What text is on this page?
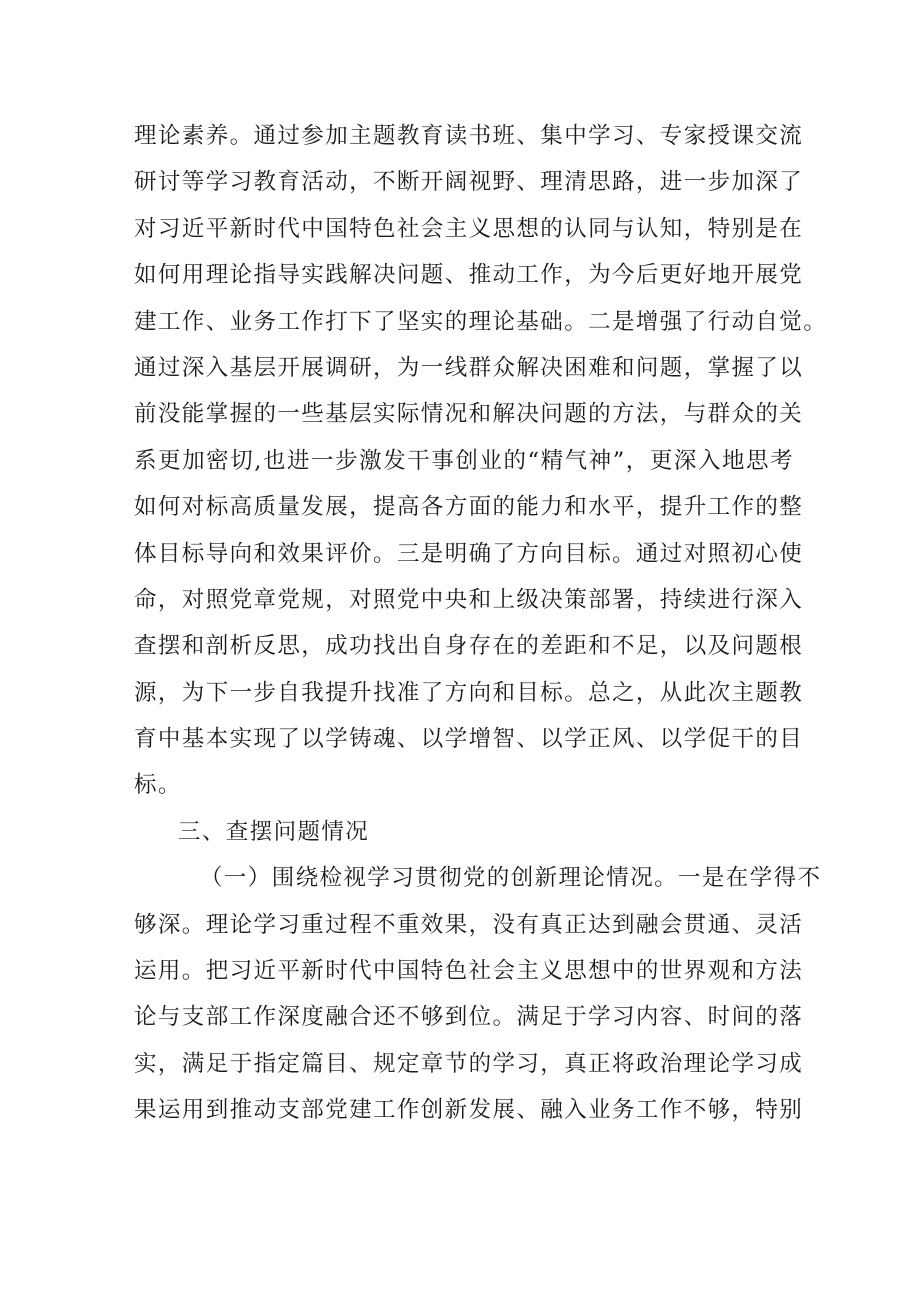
理论素养。通过参加主题教育读书班、集中学习、专家授课交流
研讨等学习教育活动，不断开阔视野、理清思路，进一步加深了
对习近平新时代中国特色社会主义思想的认同与认知，特别是在
如何用理论指导实践解决问题、推动工作，为今后更好地开展党
建工作、业务工作打下了坚实的理论基础。二是增强了行动自觉。
通过深入基层开展调研，为一线群众解决困难和问题，掌握了以
前没能掌握的一些基层实际情况和解决问题的方法，与群众的关
系更加密切,也进一步激发干事创业的“精气神”，更深入地思考
如何对标高质量发展，提高各方面的能力和水平，提升工作的整
体目标导向和效果评价。三是明确了方向目标。通过对照初心使
命，对照党章党规，对照党中央和上级决策部署，持续进行深入
查摆和剖析反思，成功找出自身存在的差距和不足，以及问题根
源，为下一步自我提升找准了方向和目标。总之，从此次主题教
育中基本实现了以学铸魂、以学增智、以学正风、以学促干的目
标。
三、查摆问题情况
（一）围绕检视学习贯彻党的创新理论情况。一是在学得不
够深。理论学习重过程不重效果，没有真正达到融会贯通、灵活
运用。把习近平新时代中国特色社会主义思想中的世界观和方法
论与支部工作深度融合还不够到位。满足于学习内容、时间的落
实，满足于指定篇目、规定章节的学习，真正将政治理论学习成
果运用到推动支部党建工作创新发展、融入业务工作不够，特别
